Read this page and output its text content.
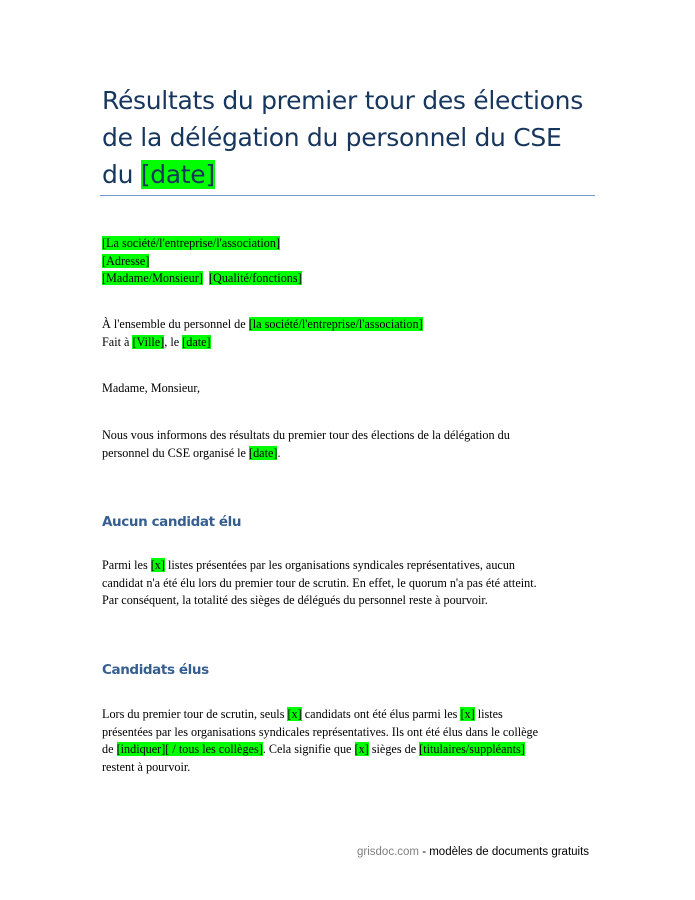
Résultats du premier tour des élections
de la délégation du personnel du CSE
du [date]
[La société/l'entreprise/l'association]
[Adresse]
[Madame/Monsieur] [Qualité/fonctions]
À l'ensemble du personnel de [la société/l'entreprise/l'association]
Fait à [Ville], le [date]
Madame, Monsieur,
Nous vous informons des résultats du premier tour des élections de la délégation du
personnel du CSE organisé le [date].
Aucun candidat élu
Parmi les [x] listes présentées par les organisations syndicales représentatives, aucun
candidat n'a été élu lors du premier tour de scrutin. En effet, le quorum n'a pas été atteint.
Par conséquent, la totalité des sièges de délégués du personnel reste à pourvoir.
Candidats élus
Lors du premier tour de scrutin, seuls [x] candidats ont été élus parmi les [x] listes
présentées par les organisations syndicales représentatives. Ils ont été élus dans le collège
de [indiquer][ / tous les collèges]. Cela signifie que [x] sièges de [titulaires/suppléants]
restent à pourvoir.
grisdoc.com - modèles de documents gratuits
